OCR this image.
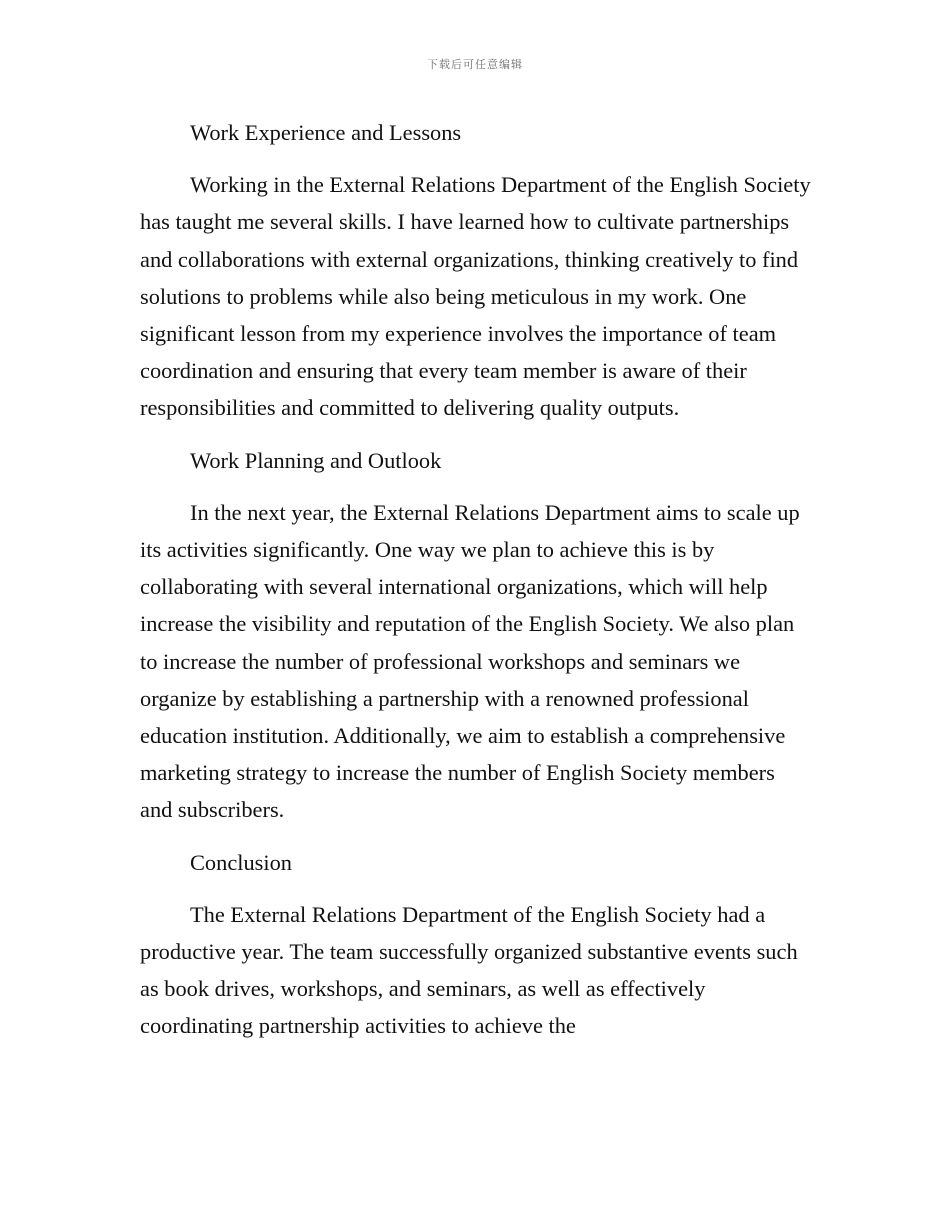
下载后可任意编辑

Work Experience and Lessons

Working in the External Relations Department of the English Society has taught me several skills. I have learned how to cultivate partnerships and collaborations with external organizations, thinking creatively to find solutions to problems while also being meticulous in my work. One significant lesson from my experience involves the importance of team coordination and ensuring that every team member is aware of their responsibilities and committed to delivering quality outputs.

Work Planning and Outlook

In the next year, the External Relations Department aims to scale up its activities significantly. One way we plan to achieve this is by collaborating with several international organizations, which will help increase the visibility and reputation of the English Society. We also plan to increase the number of professional workshops and seminars we organize by establishing a partnership with a renowned professional education institution. Additionally, we aim to establish a comprehensive marketing strategy to increase the number of English Society members and subscribers.

Conclusion

The External Relations Department of the English Society had a productive year. The team successfully organized substantive events such as book drives, workshops, and seminars, as well as effectively coordinating partnership activities to achieve the
